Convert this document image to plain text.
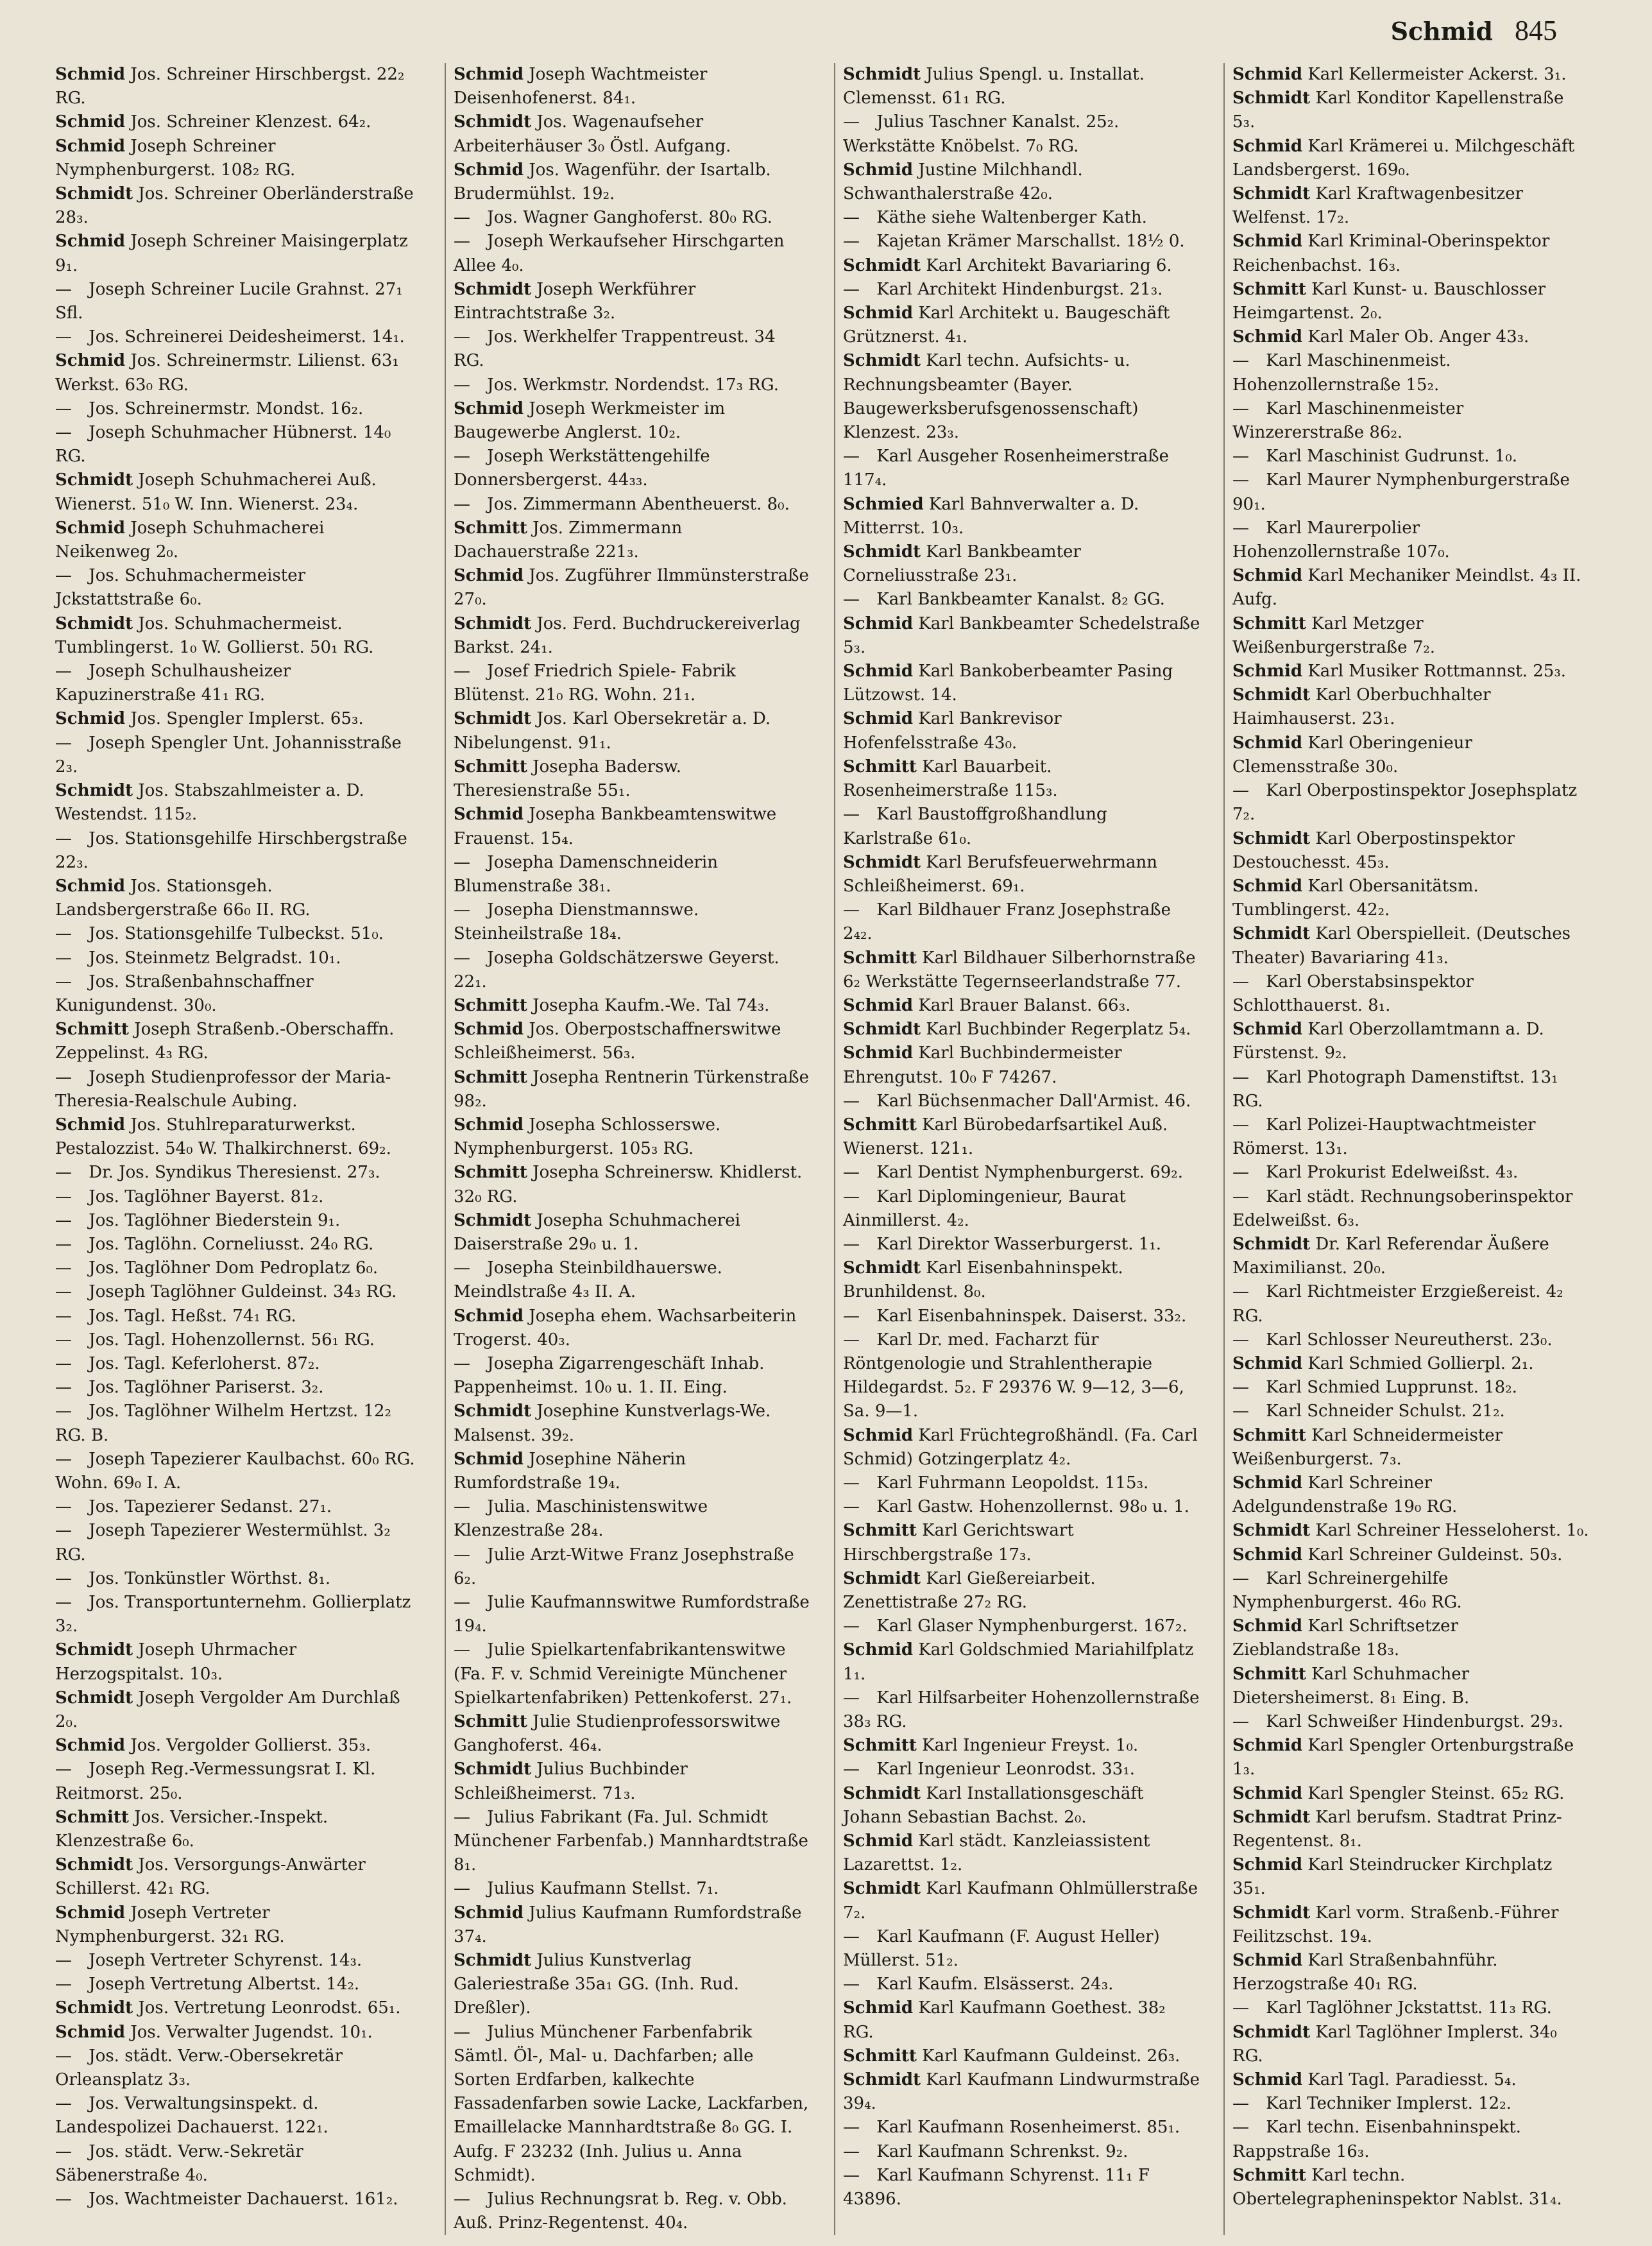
Schmid 845
Schmid Jos. Schreiner Hirschbergst. 22₂ RG.
Schmid Jos. Schreiner Klenzest. 64₂.
Schmid Joseph Schreiner Nymphenburgerst. 108₂ RG.
Schmidt Jos. Schreiner Oberländerstraße 28₃.
Schmid Joseph Schreiner Maisingerplatz 9₁.
— Joseph Schreiner Lucile Grahnst. 27₁ Sfl.
— Jos. Schreinerei Deidesheimerst. 14₁.
Schmid Jos. Schreinermstr. Lilienst. 63₁ Werkst. 63₀ RG.
— Jos. Schreinermstr. Mondst. 16₂.
— Joseph Schuhmacher Hübnerst. 14₀ RG.
Schmidt Joseph Schuhmacherei Auß. Wienerst. 51₀ W. Inn. Wienerst. 23₄.
Schmid Joseph Schuhmacherei Neikenweg 2₀.
— Jos. Schuhmachermeister Jckstattstraße 6₀.
Schmidt Jos. Schuhmachermeist. Tumblingerst. 1₀ W. Gollierst. 50₁ RG.
— Joseph Schulhausheizer Kapuzinerstraße 41₁ RG.
Schmid Jos. Spengler Implerst. 65₃.
— Joseph Spengler Unt. Johannisstraße 2₃.
Schmidt Jos. Stabszahlmeister a. D. Westendst. 115₂.
— Jos. Stationsgehilfe Hirschbergstraße 22₃.
Schmid Jos. Stationsgeh. Landsbergerstraße 66₀ II. RG.
— Jos. Stationsgehilfe Tulbeckst. 51₀.
— Jos. Steinmetz Belgradst. 10₁.
— Jos. Straßenbahnschaffner Kunigundenst. 30₀.
Schmitt Joseph Straßenb.-Oberschaffn. Zeppelinst. 4₃ RG.
— Joseph Studienprofessor der Maria-Theresia-Realschule Aubing.
Schmid Jos. Stuhlreparaturwerkst. Pestalozzist. 54₀ W. Thalkirchnerst. 69₂.
— Dr. Jos. Syndikus Theresienst. 27₃.
— Jos. Taglöhner Bayerst. 81₂.
— Jos. Taglöhner Biederstein 9₁.
— Jos. Taglöhn. Corneliusst. 24₀ RG.
— Jos. Taglöhner Dom Pedroplatz 6₀.
— Joseph Taglöhner Guldeinst. 34₃ RG.
— Jos. Tagl. Heßst. 74₁ RG.
— Jos. Tagl. Hohenzollernst. 56₁ RG.
— Jos. Tagl. Keferloherst. 87₂.
— Jos. Taglöhner Pariserst. 3₂.
— Jos. Taglöhner Wilhelm Hertzst. 12₂ RG. B.
— Joseph Tapezierer Kaulbachst. 60₀ RG. Wohn. 69₀ I. A.
— Jos. Tapezierer Sedanst. 27₁.
— Joseph Tapezierer Westermühlst. 3₂ RG.
— Jos. Tonkünstler Wörthst. 8₁.
— Jos. Transportunternehm. Gollierplatz 3₂.
Schmidt Joseph Uhrmacher Herzogspitalst. 10₃.
Schmidt Joseph Vergolder Am Durchlaß 2₀.
Schmid Jos. Vergolder Gollierst. 35₃.
— Joseph Reg.-Vermessungsrat I. Kl. Reitmorst. 25₀.
Schmitt Jos. Versicher.-Inspekt. Klenzestraße 6₀.
Schmidt Jos. Versorgungs-Anwärter Schillerst. 42₁ RG.
Schmid Joseph Vertreter Nymphenburgerst. 32₁ RG.
— Joseph Vertreter Schyrenst. 14₃.
— Joseph Vertretung Albertst. 14₂.
Schmidt Jos. Vertretung Leonrodst. 65₁.
Schmid Jos. Verwalter Jugendst. 10₁.
— Jos. städt. Verw.-Obersekretär Orleansplatz 3₃.
— Jos. Verwaltungsinspekt. d. Landespolizei Dachauerst. 122₁.
— Jos. städt. Verw.-Sekretär Säbenerstraße 4₀.
— Jos. Wachtmeister Dachauerst. 161₂.
Schmid Joseph Wachtmeister Deisenhofenerst. 84₁.
Schmidt Jos. Wagenaufseher Arbeiterhäuser 3₀ Östl. Aufgang.
Schmid Jos. Wagenführ. der Isartalb. Brudermühlst. 19₂.
— Jos. Wagner Ganghoferst. 80₀ RG.
— Joseph Werkaufseher Hirschgarten Allee 4₀.
Schmidt Joseph Werkführer Eintrachtstraße 3₂.
— Jos. Werkhelfer Trappentreust. 34 RG.
— Jos. Werkmstr. Nordendst. 17₃ RG.
Schmid Joseph Werkmeister im Baugewerbe Anglerst. 10₂.
— Joseph Werkstättengehilfe Donnersbergerst. 44₃₃.
— Jos. Zimmermann Abentheuerst. 8₀.
Schmitt Jos. Zimmermann Dachauerstraße 221₃.
Schmid Jos. Zugführer Ilmmünsterstraße 27₀.
Schmidt Jos. Ferd. Buchdruckereiverlag Barkst. 24₁.
— Josef Friedrich Spiele- Fabrik Blütenst. 21₀ RG. Wohn. 21₁.
Schmidt Jos. Karl Obersekretär a. D. Nibelungenst. 91₁.
Schmitt Josepha Badersw. Theresienstraße 55₁.
Schmid Josepha Bankbeamtenswitwe Frauenst. 15₄.
— Josepha Damenschneiderin Blumenstraße 38₁.
— Josepha Dienstmannswe. Steinheilstraße 18₄.
— Josepha Goldschätzerswe Geyerst. 22₁.
Schmitt Josepha Kaufm.-We. Tal 74₃.
Schmid Jos. Oberpostschaffnerswitwe Schleißheimerst. 56₃.
Schmitt Josepha Rentnerin Türkenstraße 98₂.
Schmid Josepha Schlosserswe. Nymphenburgerst. 105₃ RG.
Schmitt Josepha Schreinersw. Khidlerst. 32₀ RG.
Schmidt Josepha Schuhmacherei Daiserstraße 29₀ u. 1.
— Josepha Steinbildhauerswe. Meindlstraße 4₃ II. A.
Schmid Josepha ehem. Wachsarbeiterin Trogerst. 40₃.
— Josepha Zigarrengeschäft Inhab. Pappenheimst. 10₀ u. 1. II. Eing.
Schmidt Josephine Kunstverlags-We. Malsenst. 39₂.
Schmid Josephine Näherin Rumfordstraße 19₄.
— Julia. Maschinistenswitwe Klenzestraße 28₄.
— Julie Arzt-Witwe Franz Josephstraße 6₂.
— Julie Kaufmannswitwe Rumfordstraße 19₄.
— Julie Spielkartenfabrikantenswitwe (Fa. F. v. Schmid Vereinigte Münchener Spielkartenfabriken) Pettenkoferst. 27₁.
Schmitt Julie Studienprofessorswitwe Ganghoferst. 46₄.
Schmidt Julius Buchbinder Schleißheimerst. 71₃.
— Julius Fabrikant (Fa. Jul. Schmidt Münchener Farbenfab.) Mannhardtstraße 8₁.
— Julius Kaufmann Stellst. 7₁.
Schmid Julius Kaufmann Rumfordstraße 37₄.
Schmidt Julius Kunstverlag Galeriestraße 35a₁ GG. (Inh. Rud. Dreßler).
— Julius Münchener Farbenfabrik Sämtl. Öl-, Mal- u. Dachfarben; alle Sorten Erdfarben, kalkechte Fassadenfarben sowie Lacke, Lackfarben, Emaillelacke Mannhardtstraße 8₀ GG. I. Aufg. F 23232 (Inh. Julius u. Anna Schmidt).
— Julius Rechnungsrat b. Reg. v. Obb. Auß. Prinz-Regentenst. 40₄.
Schmidt Julius Spengl. u. Installat. Clemensst. 61₁ RG.
— Julius Taschner Kanalst. 25₂. Werkstätte Knöbelst. 7₀ RG.
Schmid Justine Milchhandl. Schwanthalerstraße 42₀.
— Käthe siehe Waltenberger Kath.
— Kajetan Krämer Marschallst. 18½ 0.
Schmidt Karl Architekt Bavariaring 6.
— Karl Architekt Hindenburgst. 21₃.
Schmid Karl Architekt u. Baugeschäft Grütznerst. 4₁.
Schmidt Karl techn. Aufsichts- u. Rechnungsbeamter (Bayer. Baugewerksberufsgenossenschaft) Klenzest. 23₃.
— Karl Ausgeher Rosenheimerstraße 117₄.
Schmied Karl Bahnverwalter a. D. Mitterrst. 10₃.
Schmidt Karl Bankbeamter Corneliusstraße 23₁.
— Karl Bankbeamter Kanalst. 8₂ GG.
Schmid Karl Bankbeamter Schedelstraße 5₃.
Schmid Karl Bankoberbeamter Pasing Lützowst. 14.
Schmid Karl Bankrevisor Hofenfelsstraße 43₀.
Schmitt Karl Bauarbeit. Rosenheimerstraße 115₃.
— Karl Baustoffgroßhandlung Karlstraße 61₀.
Schmidt Karl Berufsfeuerwehrmann Schleißheimerst. 69₁.
— Karl Bildhauer Franz Josephstraße 2₄₂.
Schmitt Karl Bildhauer Silberhornstraße 6₂ Werkstätte Tegernseerlandstraße 77.
Schmid Karl Brauer Balanst. 66₃.
Schmidt Karl Buchbinder Regerplatz 5₄.
Schmid Karl Buchbindermeister Ehrengutst. 10₀ F 74267.
— Karl Büchsenmacher Dall'Armist. 46.
Schmitt Karl Bürobedarfsartikel Auß. Wienerst. 121₁.
— Karl Dentist Nymphenburgerst. 69₂.
— Karl Diplomingenieur, Baurat Ainmillerst. 4₂.
— Karl Direktor Wasserburgerst. 1₁.
Schmidt Karl Eisenbahninspekt. Brunhildenst. 8₀.
— Karl Eisenbahninspek. Daiserst. 33₂.
— Karl Dr. med. Facharzt für Röntgenologie und Strahlentherapie Hildegardst. 5₂. F 29376 W. 9—12, 3—6, Sa. 9—1.
Schmid Karl Früchtegroßhändl. (Fa. Carl Schmid) Gotzingerplatz 4₂.
— Karl Fuhrmann Leopoldst. 115₃.
— Karl Gastw. Hohenzollernst. 98₀ u. 1.
Schmitt Karl Gerichtswart Hirschbergstraße 17₃.
Schmidt Karl Gießereiarbeit. Zenettistraße 27₂ RG.
— Karl Glaser Nymphenburgerst. 167₂.
Schmid Karl Goldschmied Mariahilfplatz 1₁.
— Karl Hilfsarbeiter Hohenzollernstraße 38₃ RG.
Schmitt Karl Ingenieur Freyst. 1₀.
— Karl Ingenieur Leonrodst. 33₁.
Schmidt Karl Installationsgeschäft Johann Sebastian Bachst. 2₀.
Schmid Karl städt. Kanzleiassistent Lazarettst. 1₂.
Schmidt Karl Kaufmann Ohlmüllerstraße 7₂.
— Karl Kaufmann (F. August Heller) Müllerst. 51₂.
— Karl Kaufm. Elsässerst. 24₃.
Schmid Karl Kaufmann Goethest. 38₂ RG.
Schmitt Karl Kaufmann Guldeinst. 26₃.
Schmidt Karl Kaufmann Lindwurmstraße 39₄.
— Karl Kaufmann Rosenheimerst. 85₁.
— Karl Kaufmann Schrenkst. 9₂.
— Karl Kaufmann Schyrenst. 11₁ F 43896.
Schmid Karl Kellermeister Ackerst. 3₁.
Schmidt Karl Konditor Kapellenstraße 5₃.
Schmid Karl Krämerei u. Milchgeschäft Landsbergerst. 169₀.
Schmidt Karl Kraftwagenbesitzer Welfenst. 17₂.
Schmid Karl Kriminal-Oberinspektor Reichenbachst. 16₃.
Schmitt Karl Kunst- u. Bauschlosser Heimgartenst. 2₀.
Schmid Karl Maler Ob. Anger 43₃.
— Karl Maschinenmeist. Hohenzollernstraße 15₂.
— Karl Maschinenmeister Winzererstraße 86₂.
— Karl Maschinist Gudrunst. 1₀.
— Karl Maurer Nymphenburgerstraße 90₁.
— Karl Maurerpolier Hohenzollernstraße 107₀.
Schmid Karl Mechaniker Meindlst. 4₃ II. Aufg.
Schmitt Karl Metzger Weißenburgerstraße 7₂.
Schmid Karl Musiker Rottmannst. 25₃.
Schmidt Karl Oberbuchhalter Haimhauserst. 23₁.
Schmid Karl Oberingenieur Clemensstraße 30₀.
— Karl Oberpostinspektor Josephsplatz 7₂.
Schmidt Karl Oberpostinspektor Destouchesst. 45₃.
Schmid Karl Obersanitätsm. Tumblingerst. 42₂.
Schmidt Karl Oberspielleit. (Deutsches Theater) Bavariaring 41₃.
— Karl Oberstabsinspektor Schlotthauerst. 8₁.
Schmid Karl Oberzollamtmann a. D. Fürstenst. 9₂.
— Karl Photograph Damenstiftst. 13₁ RG.
— Karl Polizei-Hauptwachtmeister Römerst. 13₁.
— Karl Prokurist Edelweißst. 4₃.
— Karl städt. Rechnungsoberinspektor Edelweißst. 6₃.
Schmidt Dr. Karl Referendar Äußere Maximilianst. 20₀.
— Karl Richtmeister Erzgießereist. 4₂ RG.
— Karl Schlosser Neureutherst. 23₀.
Schmid Karl Schmied Gollierpl. 2₁.
— Karl Schmied Lupprunst. 18₂.
— Karl Schneider Schulst. 21₂.
Schmitt Karl Schneidermeister Weißenburgerst. 7₃.
Schmid Karl Schreiner Adelgundenstraße 19₀ RG.
Schmidt Karl Schreiner Hesseloherst. 1₀.
Schmid Karl Schreiner Guldeinst. 50₃.
— Karl Schreinergehilfe Nymphenburgerst. 46₀ RG.
Schmid Karl Schriftsetzer Zieblandstraße 18₃.
Schmitt Karl Schuhmacher Dietersheimerst. 8₁ Eing. B.
— Karl Schweißer Hindenburgst. 29₃.
Schmid Karl Spengler Ortenburgstraße 1₃.
Schmid Karl Spengler Steinst. 65₂ RG.
Schmidt Karl berufsm. Stadtrat Prinz-Regentenst. 8₁.
Schmid Karl Steindrucker Kirchplatz 35₁.
Schmidt Karl vorm. Straßenb.-Führer Feilitzschst. 19₄.
Schmid Karl Straßenbahnführ. Herzogstraße 40₁ RG.
— Karl Taglöhner Jckstattst. 11₃ RG.
Schmidt Karl Taglöhner Implerst. 34₀ RG.
Schmid Karl Tagl. Paradiesst. 5₄.
— Karl Techniker Implerst. 12₂.
— Karl techn. Eisenbahninspekt. Rappstraße 16₃.
Schmitt Karl techn. Obertelegrapheninspektor Nablst. 31₄.
